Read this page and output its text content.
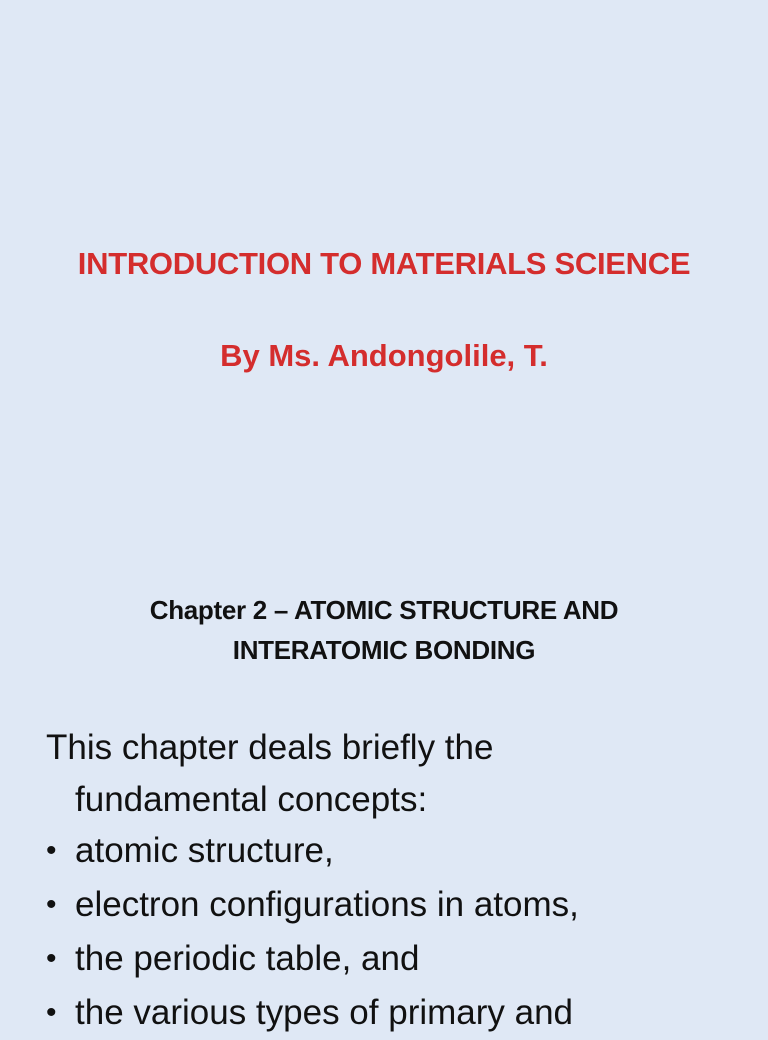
INTRODUCTION TO MATERIALS SCIENCE
By Ms. Andongolile, T.
Chapter 2 – ATOMIC STRUCTURE AND
INTERATOMIC BONDING
This chapter deals briefly the
fundamental concepts:
• atomic structure,
• electron configurations in atoms,
• the periodic table, and
• the various types of primary and
